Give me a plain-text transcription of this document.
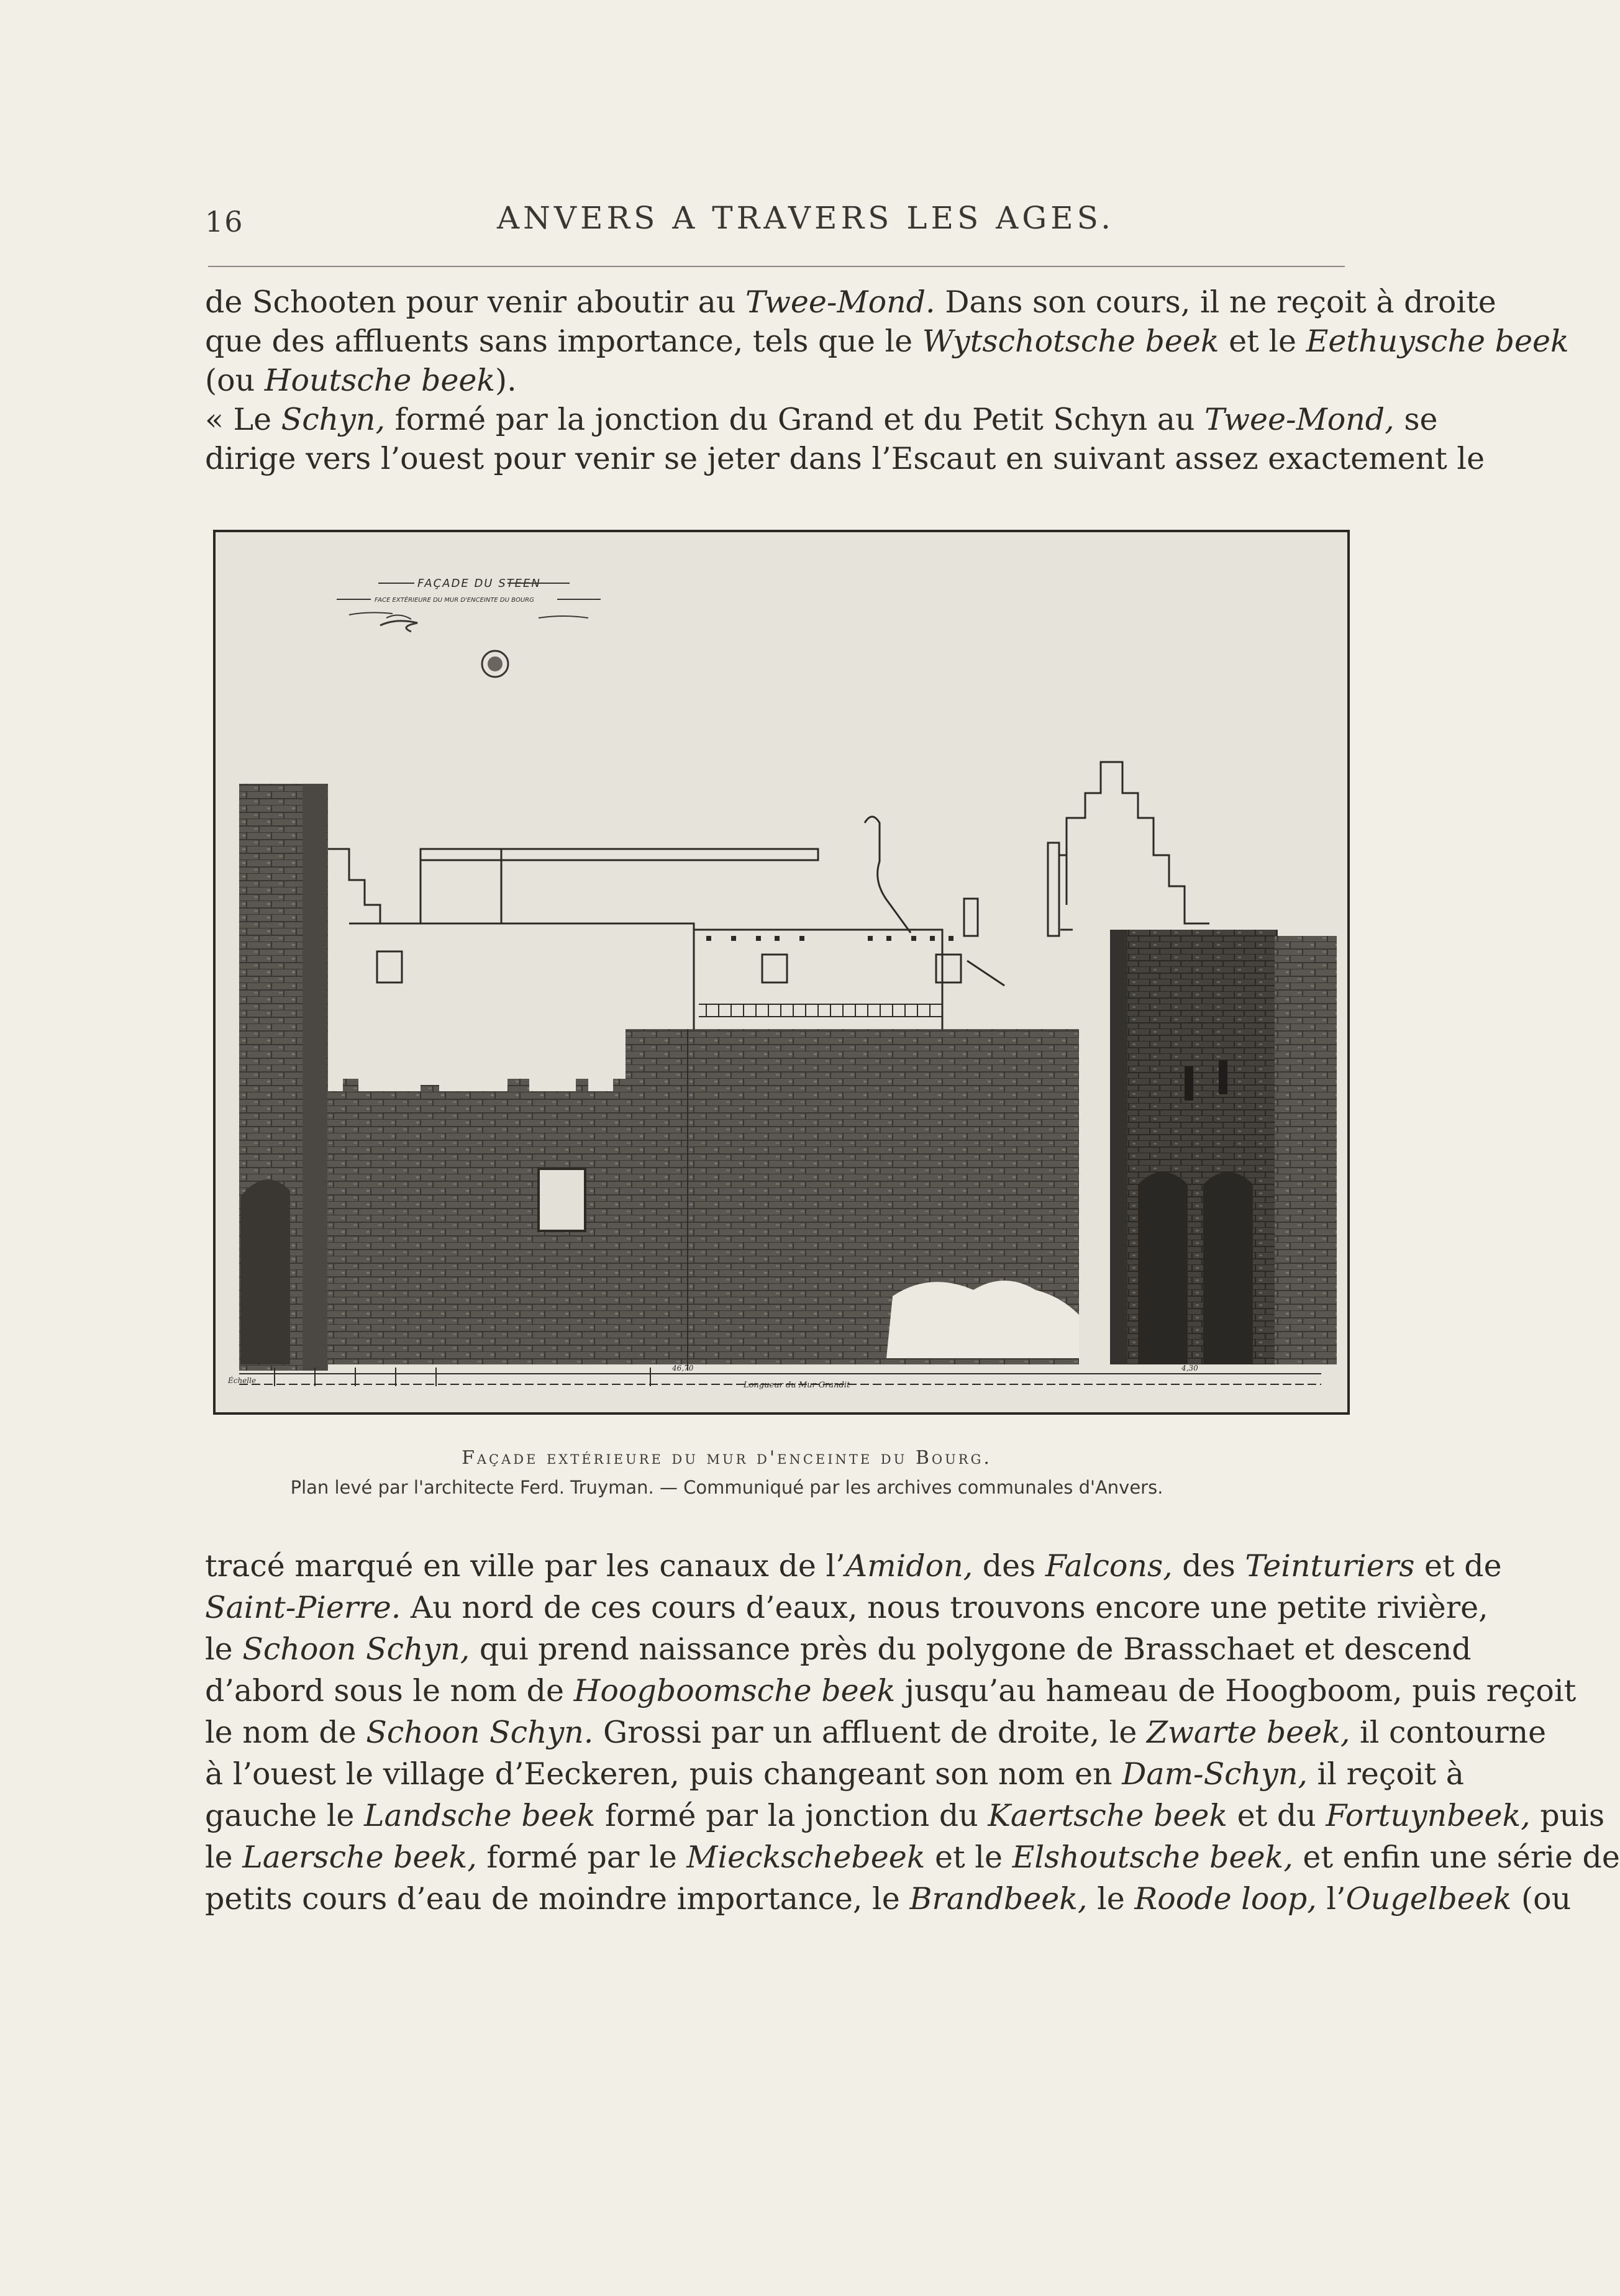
16	ANVERS A TRAVERS LES AGES.
de Schooten pour venir aboutir au Twee-Mond. Dans son cours, il ne reçoit à droite
que des affluents sans importance, tels que le Wytschotsche beek et le Eethuysche beek
(ou Houtsche beek).
« Le Schyn, formé par la jonction du Grand et du Petit Schyn au Twee-Mond, se
dirige vers l’ouest pour venir se jeter dans l’Escaut en suivant assez exactement le
FAÇADE DU STEEN
FACE EXTÉRIEURE DU MUR D'ENCEINTE DU BOURG
Échelle
46,70
Longueur du Mur Grandit
4,30
Façade extérieure du mur d'enceinte du Bourg.
Plan levé par l'architecte Ferd. Truyman. — Communiqué par les archives communales d'Anvers.
tracé marqué en ville par les canaux de l’Amidon, des Falcons, des Teinturiers et de
Saint-Pierre. Au nord de ces cours d’eaux, nous trouvons encore une petite rivière,
le Schoon Schyn, qui prend naissance près du polygone de Brasschaet et descend
d’abord sous le nom de Hoogboomsche beek jusqu’au hameau de Hoogboom, puis reçoit
le nom de Schoon Schyn. Grossi par un affluent de droite, le Zwarte beek, il contourne
à l’ouest le village d’Eeckeren, puis changeant son nom en Dam-Schyn, il reçoit à
gauche le Landsche beek formé par la jonction du Kaertsche beek et du Fortuynbeek, puis
le Laersche beek, formé par le Mieckschebeek et le Elshoutsche beek, et enfin une série de
petits cours d’eau de moindre importance, le Brandbeek, le Roode loop, l’Ougelbeek (ou
